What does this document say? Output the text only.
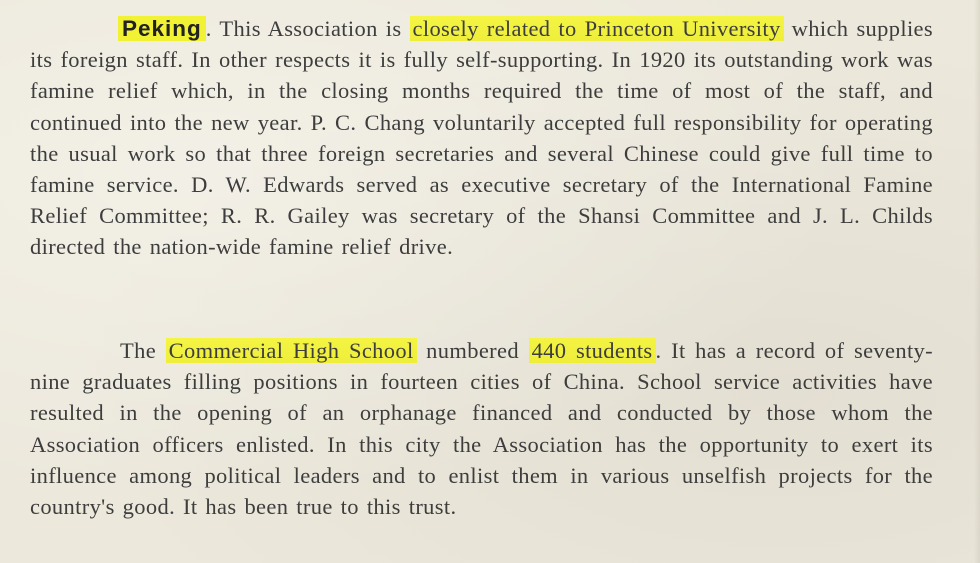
Peking . This Association is closely related to Princeton University which supplies its foreign staff. In other respects it is fully self-supporting. In 1920 its outstanding work was famine relief which, in the closing months required the time of most of the staff, and continued into the new year. P. C. Chang voluntarily accepted full responsibility for operating the usual work so that three foreign secretaries and several Chinese could give full time to famine service. D. W. Edwards served as executive secretary of the International Famine Relief Committee; R. R. Gailey was secretary of the Shansi Committee and J. L. Childs directed the nation-wide famine relief drive.

The Commercial High School numbered 440 students . It has a record of seventy-nine graduates filling positions in fourteen cities of China. School service activities have resulted in the opening of an orphanage financed and conducted by those whom the Association officers enlisted. In this city the Association has the opportunity to exert its influence among political leaders and to enlist them in various unselfish projects for the country's good. It has been true to this trust.
